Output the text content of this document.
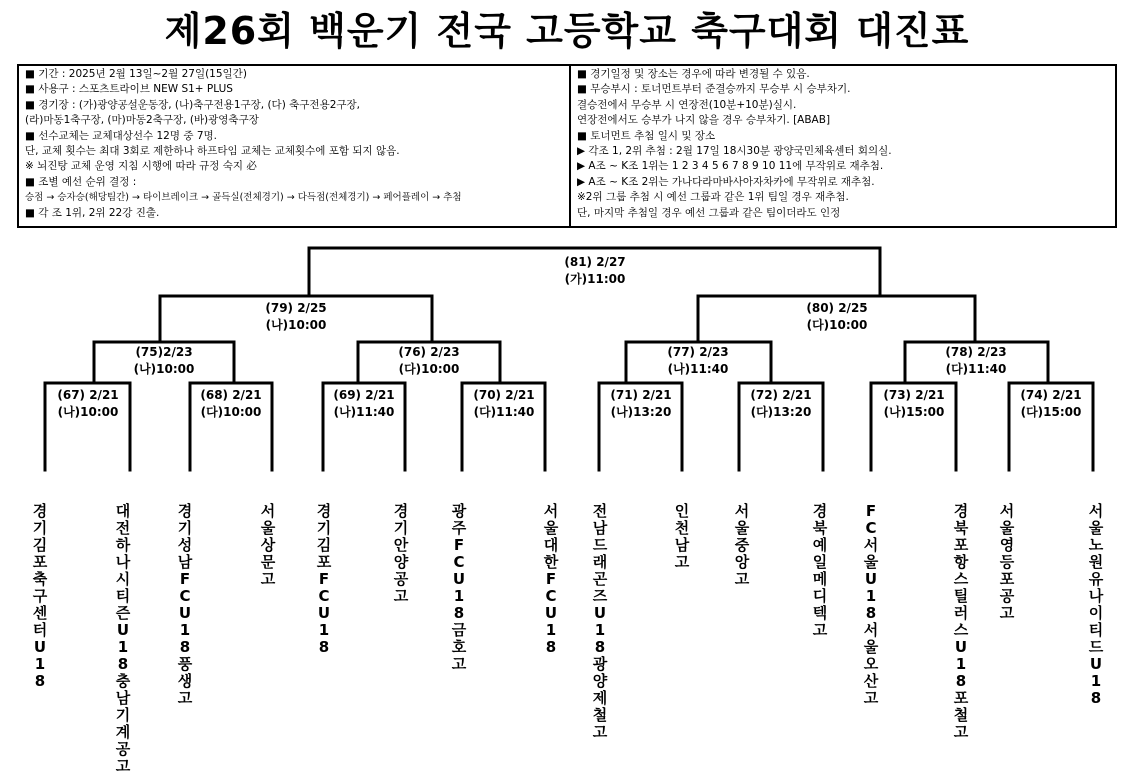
제26회 백운기 전국 고등학교 축구대회 대진표
■ 기간 : 2025년 2월 13일~2월 27일(15일간)
■ 사용구 : 스포츠트라이브 NEW S1+ PLUS
■ 경기장 : (가)광양공설운동장, (나)축구전용1구장, (다) 축구전용2구장,
(라)마동1축구장, (마)마동2축구장, (바)광영축구장
■ 선수교체는 교체대상선수 12명 중 7명.
단, 교체 횟수는 최대 3회로 제한하나 하프타임 교체는 교체횟수에 포함 되지 않음.
※ 뇌진탕 교체 운영 지침 시행에 따라 규정 숙지 必
■ 조별 예선 순위 결정 :
승점 → 승자승(해당팀간) → 타이브레이크 → 골득실(전체경기) → 다득점(전체경기) → 페어플레이 → 추첨
■ 각 조 1위, 2위 22강 진출.
■ 경기일정 및 장소는 경우에 따라 변경될 수 있음.
■ 무승부시 : 토너먼트부터 준결승까지 무승부 시 승부차기.
결승전에서 무승부 시 연장전(10분+10분)실시.
연장전에서도 승부가 나지 않을 경우 승부차기. [ABAB]
■ 토너먼트 추첨 일시 및 장소
▶ 각조 1, 2위 추첨 : 2월 17일 18시30분 광양국민체육센터 회의실.
▶ A조 ~ K조 1위는 1 2 3 4 5 6 7 8 9 10 11에 무작위로 재추첨.
▶ A조 ~ K조 2위는 가나다라마바사아자차카에 무작위로 재추첨.
※2위 그룹 추첨 시 예선 그룹과 같은 1위 팀일 경우 재추첨.
단, 마지막 추첨일 경우 예선 그룹과 같은 팀이더라도 인정
(81) 2/27
(가)11:00
(79) 2/25
(나)10:00
(80) 2/25
(다)10:00
(75)2/23
(나)10:00
(76) 2/23
(다)10:00
(77) 2/23
(나)11:40
(78) 2/23
(다)11:40
(67) 2/21
(나)10:00
(68) 2/21
(다)10:00
(69) 2/21
(나)11:40
(70) 2/21
(다)11:40
(71) 2/21
(나)13:20
(72) 2/21
(다)13:20
(73) 2/21
(나)15:00
(74) 2/21
(다)15:00
경기김포축구센터U18
대전하나시티즌U18충남기계공고
경기성남FCU18풍생고
서울상문고
경기김포FCU18
경기안양공고
광주FCU18금호고
서울대한FCU18
전남드래곤즈U18광양제철고
인천남고
서울중앙고
경북예일메디텍고
FC서울U18서울오산고
경북포항스틸러스U18포철고
서울영등포공고
서울노원유나이티드U18
